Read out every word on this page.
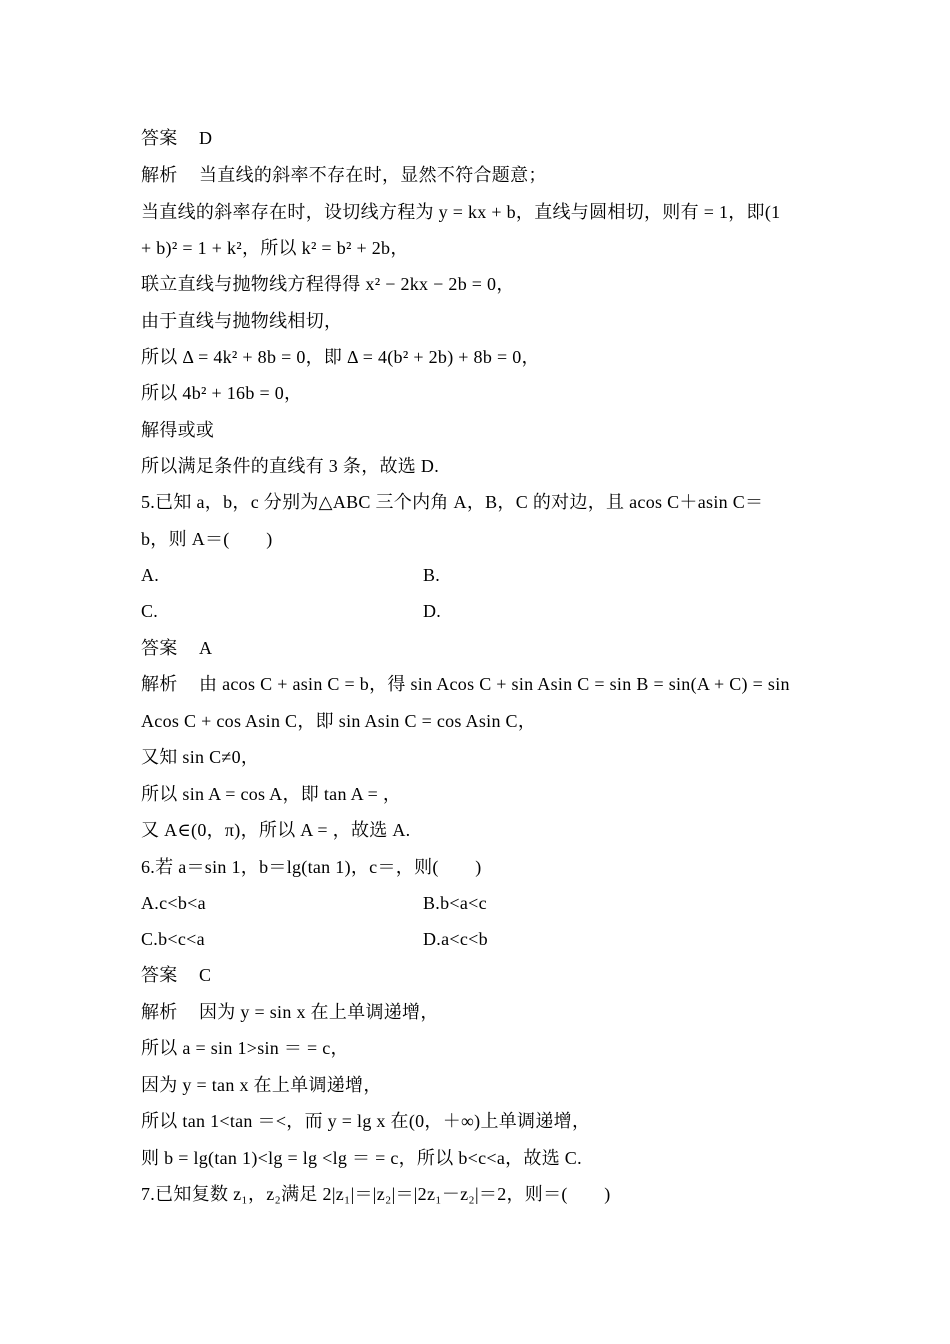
答案 D
解析 当直线的斜率不存在时，显然不符合题意；
当直线的斜率存在时，设切线方程为 y = kx + b，直线与圆相切，则有 = 1，即(1
+ b)² = 1 + k²，所以 k² = b² + 2b，
联立直线与抛物线方程得得 x² − 2kx − 2b = 0，
由于直线与抛物线相切，
所以 Δ = 4k² + 8b = 0，即 Δ = 4(b² + 2b) + 8b = 0，
所以 4b² + 16b = 0，
解得或或
所以满足条件的直线有 3 条，故选 D.
5.已知 a，b，c 分别为△ABC 三个内角 A，B，C 的对边，且 acos C＋asin C＝
b，则 A＝(　　)
A.	B.
C.	D.
答案 A
解析 由 acos C + asin C = b，得 sin Acos C + sin Asin C = sin B = sin(A + C) = sin
Acos C + cos Asin C，即 sin Asin C = cos Asin C，
又知 sin C≠0，
所以 sin A = cos A，即 tan A = ，
又 A∈(0，π)，所以 A = ，故选 A.
6.若 a＝sin 1，b＝lg(tan 1)，c＝，则(　　)
A.c<b<a	B.b<a<c
C.b<c<a	D.a<c<b
答案 C
解析 因为 y = sin x 在上单调递增，
所以 a = sin 1>sin ＝ = c，
因为 y = tan x 在上单调递增，
所以 tan 1<tan ＝<，而 y = lg x 在(0，＋∞)上单调递增，
则 b = lg(tan 1)<lg = lg <lg ＝ = c，所以 b<c<a，故选 C.
7.已知复数 z₁，z₂满足 2|z₁|＝|z₂|＝|2z₁－z₂|＝2，则＝(　　)
